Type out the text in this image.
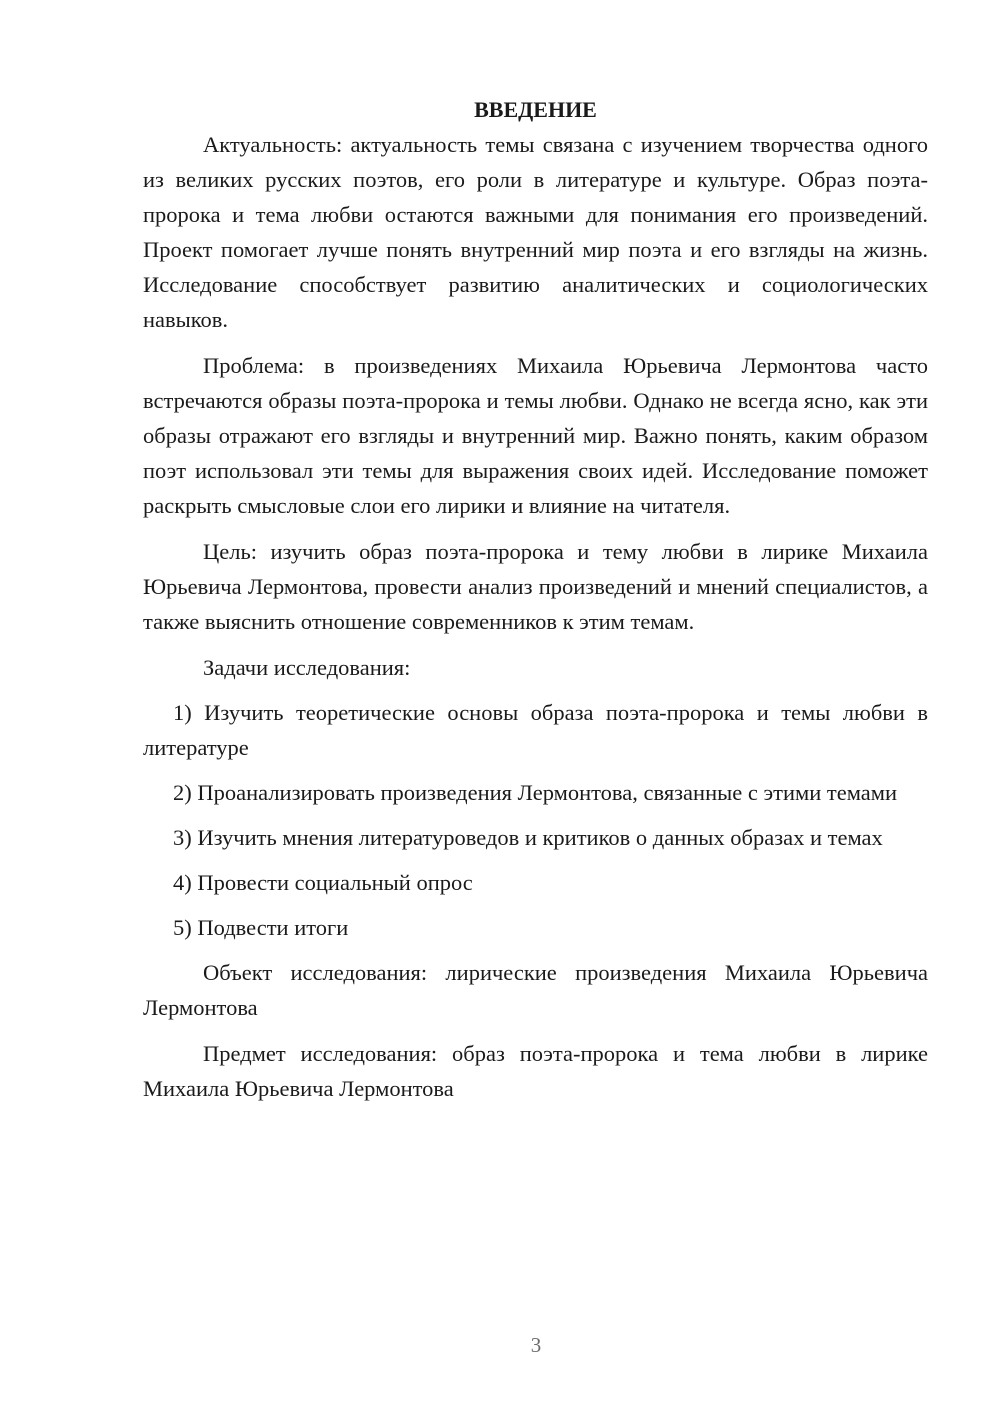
ВВЕДЕНИЕ

Актуальность: актуальность темы связана с изучением творчества одного из великих русских поэтов, его роли в литературе и культуре. Образ поэта-пророка и тема любви остаются важными для понимания его произведений. Проект помогает лучше понять внутренний мир поэта и его взгляды на жизнь. Исследование способствует развитию аналитических и социологических навыков.

Проблема: в произведениях Михаила Юрьевича Лермонтова часто встречаются образы поэта-пророка и темы любви. Однако не всегда ясно, как эти образы отражают его взгляды и внутренний мир. Важно понять, каким образом поэт использовал эти темы для выражения своих идей. Исследование поможет раскрыть смысловые слои его лирики и влияние на читателя.

Цель: изучить образ поэта-пророка и тему любви в лирике Михаила Юрьевича Лермонтова, провести анализ произведений и мнений специалистов, а также выяснить отношение современников к этим темам.

Задачи исследования:

1) Изучить теоретические основы образа поэта-пророка и темы любви в литературе

2) Проанализировать произведения Лермонтова, связанные с этими темами

3) Изучить мнения литературоведов и критиков о данных образах и темах

4) Провести социальный опрос

5) Подвести итоги

Объект исследования: лирические произведения Михаила Юрьевича Лермонтова

Предмет исследования: образ поэта-пророка и тема любви в лирике Михаила Юрьевича Лермонтова

3
